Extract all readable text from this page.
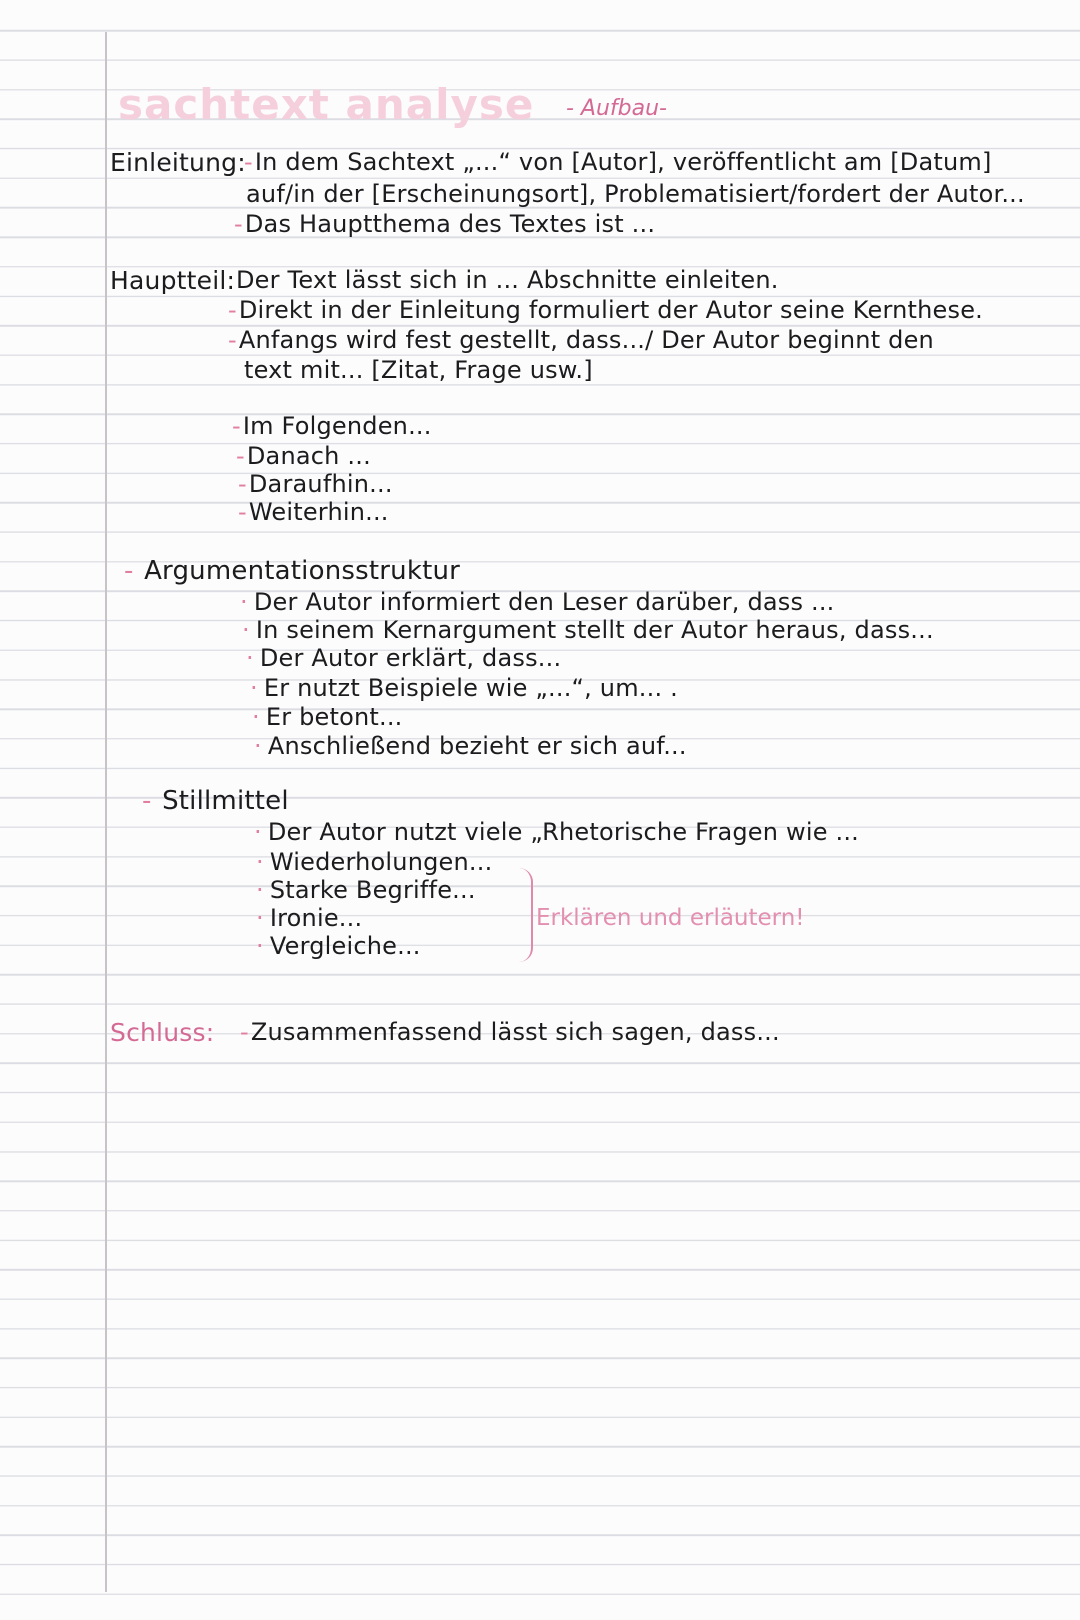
sachtext analyse - Aufbau-
Einleitung:
-In dem Sachtext „...“ von [Autor], veröffentlicht am [Datum]
auf/in der [Erscheinungsort], Problematisiert/fordert der Autor...
-Das Hauptthema des Textes ist ...
Hauptteil: Der Text lässt sich in ... Abschnitte einleiten.
-Direkt in der Einleitung formuliert der Autor seine Kernthese.
-Anfangs wird fest gestellt, dass.../ Der Autor beginnt den
text mit... [Zitat, Frage usw.]
-Im Folgenden...
-Danach ...
-Daraufhin...
-Weiterhin...
- Argumentationsstruktur
· Der Autor informiert den Leser darüber, dass ...
· In seinem Kernargument stellt der Autor heraus, dass...
· Der Autor erklärt, dass...
· Er nutzt Beispiele wie „...“, um... .
· Er betont...
· Anschließend bezieht er sich auf...
- Stillmittel
· Der Autor nutzt viele „Rhetorische Fragen wie ...
· Wiederholungen...
· Starke Begriffe...
· Ironie...
· Vergleiche...
Erklären und erläutern!
Schluss: -Zusammenfassend lässt sich sagen, dass...
